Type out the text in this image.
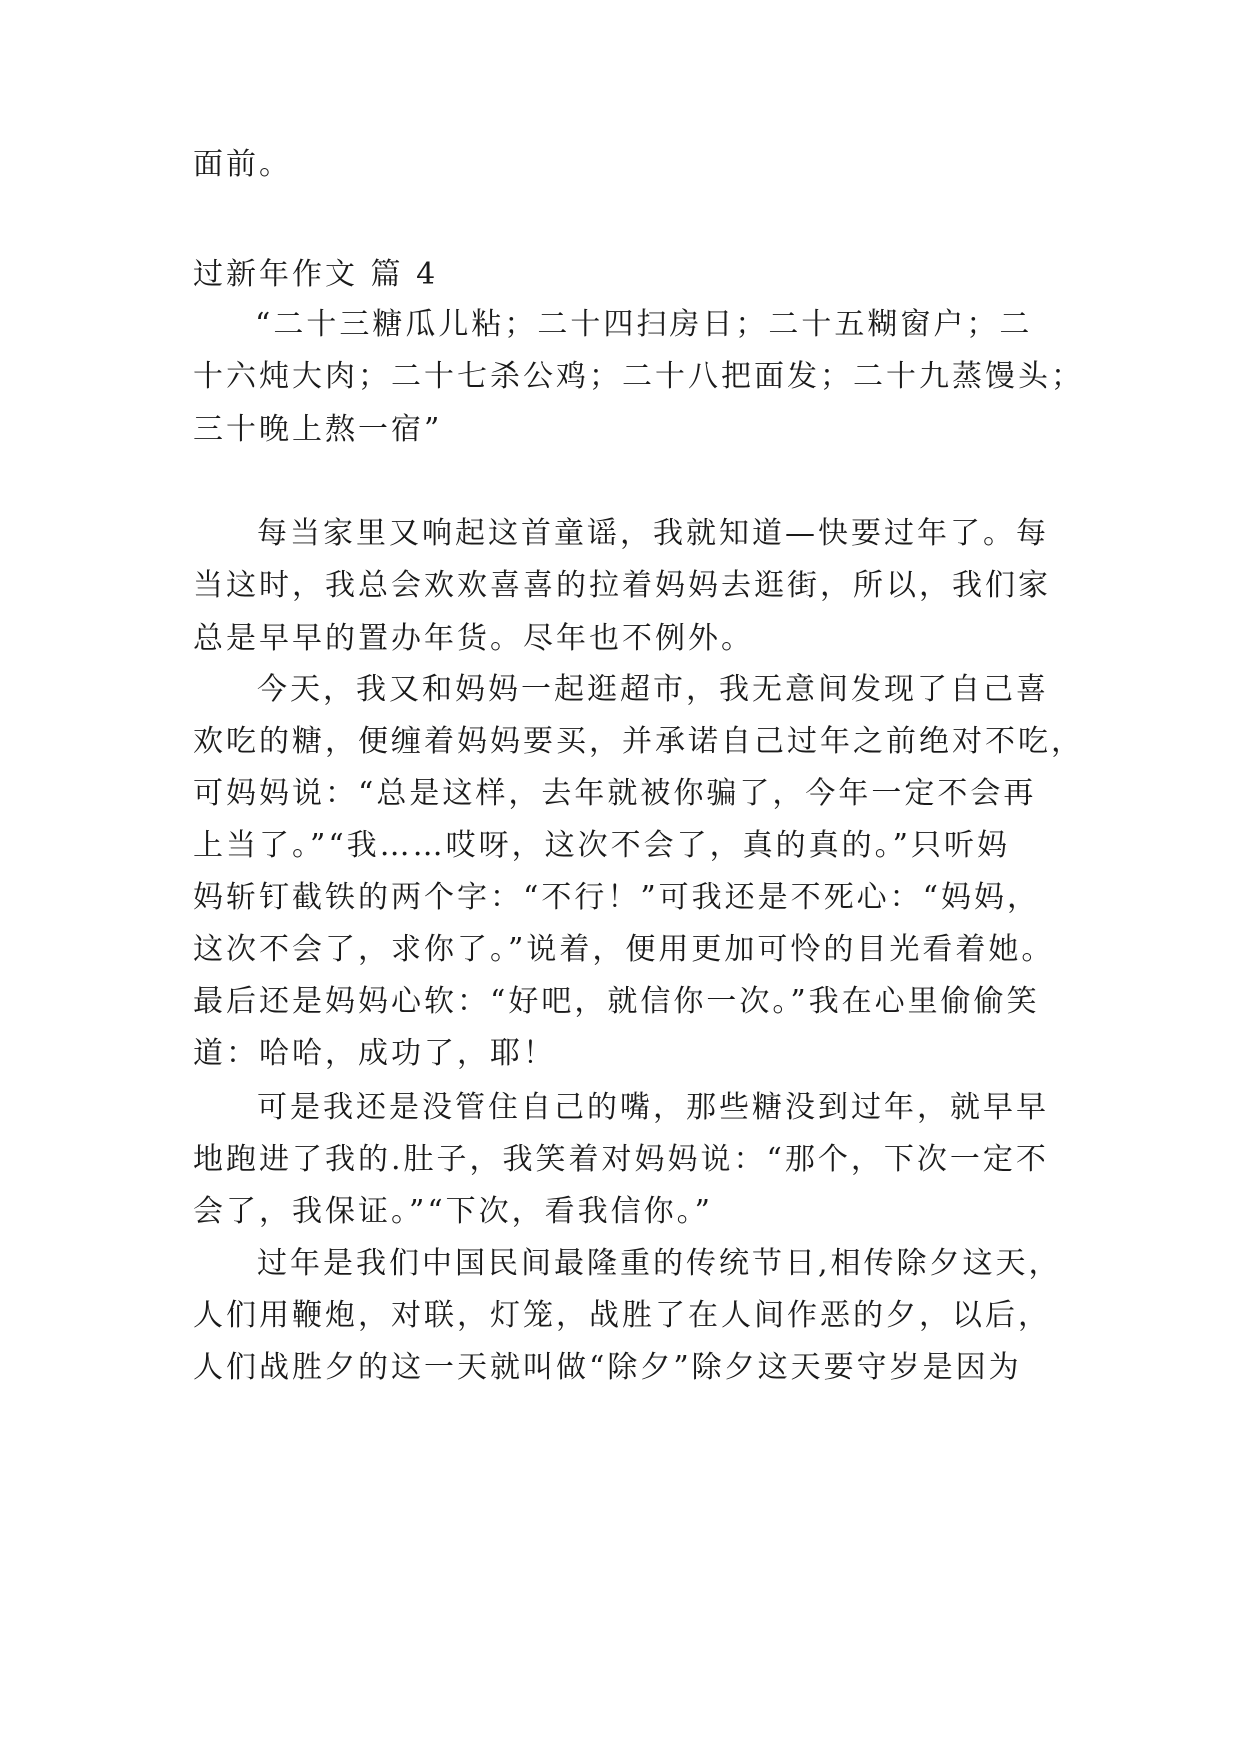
面前。
过新年作文 篇 4
“二十三糖瓜儿粘；二十四扫房日；二十五糊窗户；二
十六炖大肉；二十七杀公鸡；二十八把面发；二十九蒸馒头；
三十晚上熬一宿”
每当家里又响起这首童谣，我就知道—快要过年了。每
当这时，我总会欢欢喜喜的拉着妈妈去逛街，所以，我们家
总是早早的置办年货。尽年也不例外。
今天，我又和妈妈一起逛超市，我无意间发现了自己喜
欢吃的糖，便缠着妈妈要买，并承诺自己过年之前绝对不吃，
可妈妈说：“总是这样，去年就被你骗了，今年一定不会再
上当了。”“我……哎呀，这次不会了，真的真的。”只听妈
妈斩钉截铁的两个字：“不行！”可我还是不死心：“妈妈，
这次不会了，求你了。”说着，便用更加可怜的目光看着她。
最后还是妈妈心软：“好吧，就信你一次。”我在心里偷偷笑
道：哈哈，成功了，耶！
可是我还是没管住自己的嘴，那些糖没到过年，就早早
地跑进了我的.肚子，我笑着对妈妈说：“那个，下次一定不
会了，我保证。”“下次，看我信你。”
过年是我们中国民间最隆重的传统节日,相传除夕这天，
人们用鞭炮，对联，灯笼，战胜了在人间作恶的夕，以后，
人们战胜夕的这一天就叫做“除夕”除夕这天要守岁是因为
